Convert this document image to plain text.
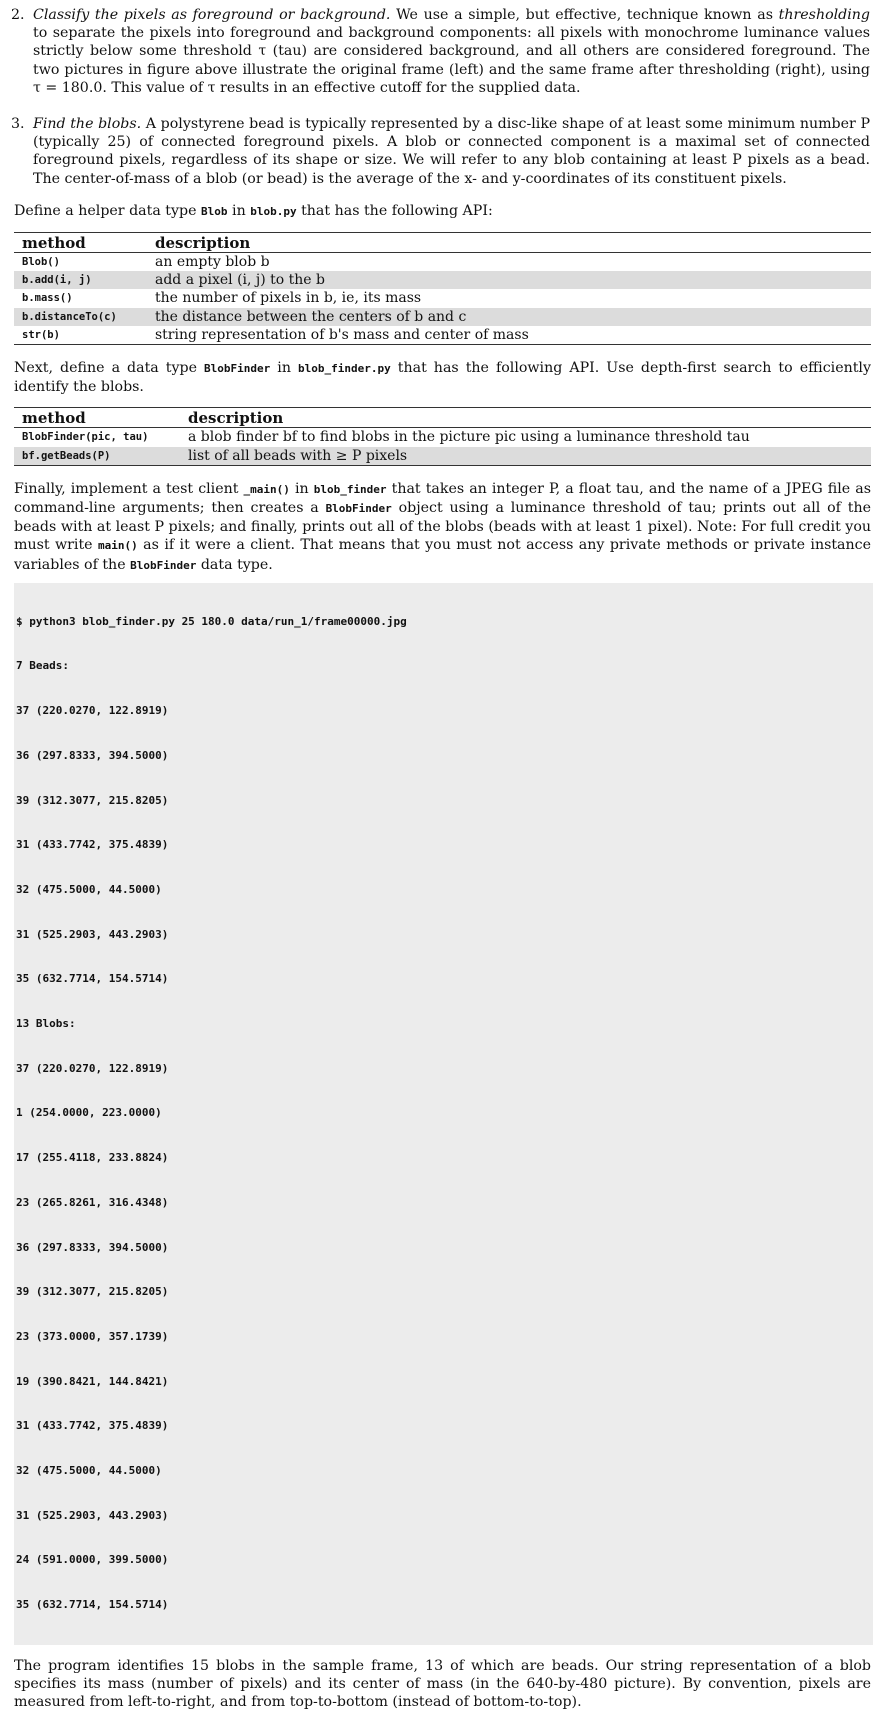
2. Classify the pixels as foreground or background. We use a simple, but effective, technique known as thresholding to separate the pixels into foreground and background components: all pixels with monochrome luminance values strictly below some threshold τ (tau) are considered background, and all others are considered foreground. The two pictures in figure above illustrate the original frame (left) and the same frame after thresholding (right), using τ = 180.0. This value of τ results in an effective cutoff for the supplied data.
3. Find the blobs. A polystyrene bead is typically represented by a disc-like shape of at least some minimum number P (typically 25) of connected foreground pixels. A blob or connected component is a maximal set of connected foreground pixels, regardless of its shape or size. We will refer to any blob containing at least P pixels as a bead. The center-of-mass of a blob (or bead) is the average of the x- and y-coordinates of its constituent pixels.
Define a helper data type Blob in blob.py that has the following API:
method	description
Blob()	an empty blob b
b.add(i, j)	add a pixel (i, j) to the b
b.mass()	the number of pixels in b, ie, its mass
b.distanceTo(c)	the distance between the centers of b and c
str(b)	string representation of b's mass and center of mass
Next, define a data type BlobFinder in blob_finder.py that has the following API. Use depth-first search to efficiently identify the blobs.
method	description
BlobFinder(pic, tau)	a blob finder bf to find blobs in the picture pic using a luminance threshold tau
bf.getBeads(P)	list of all beads with ≥ P pixels
Finally, implement a test client _main() in blob_finder that takes an integer P, a float tau, and the name of a JPEG file as command-line arguments; then creates a BlobFinder object using a luminance threshold of tau; prints out all of the beads with at least P pixels; and finally, prints out all of the blobs (beads with at least 1 pixel). Note: For full credit you must write main() as if it were a client. That means that you must not access any private methods or private instance variables of the BlobFinder data type.

$ python3 blob_finder.py 25 180.0 data/run_1/frame00000.jpg

7 Beads:

37 (220.0270, 122.8919)

36 (297.8333, 394.5000)

39 (312.3077, 215.8205)

31 (433.7742, 375.4839)

32 (475.5000, 44.5000)

31 (525.2903, 443.2903)

35 (632.7714, 154.5714)

13 Blobs:

37 (220.0270, 122.8919)

1 (254.0000, 223.0000)

17 (255.4118, 233.8824)

23 (265.8261, 316.4348)

36 (297.8333, 394.5000)

39 (312.3077, 215.8205)

23 (373.0000, 357.1739)

19 (390.8421, 144.8421)

31 (433.7742, 375.4839)

32 (475.5000, 44.5000)

31 (525.2903, 443.2903)

24 (591.0000, 399.5000)

35 (632.7714, 154.5714)

The program identifies 15 blobs in the sample frame, 13 of which are beads. Our string representation of a blob specifies its mass (number of pixels) and its center of mass (in the 640-by-480 picture). By convention, pixels are measured from left-to-right, and from top-to-bottom (instead of bottom-to-top).
